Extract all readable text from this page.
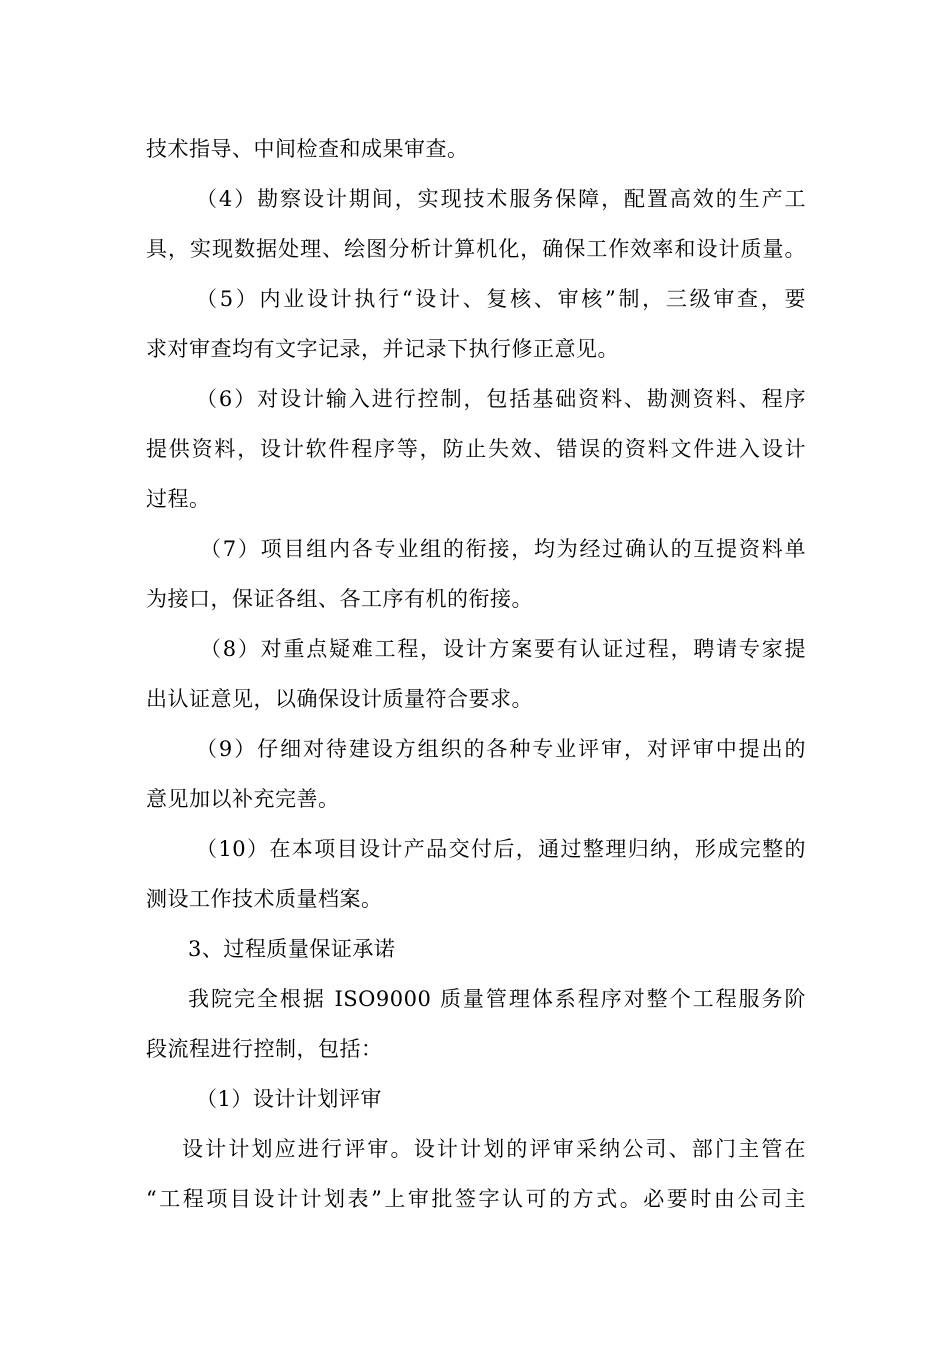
技术指导、中间检查和成果审查。
（4）勘察设计期间，实现技术服务保障，配置高效的生产工
具，实现数据处理、绘图分析计算机化，确保工作效率和设计质量。
（5）内业设计执行“设计、复核、审核”制，三级审查，要
求对审查均有文字记录，并记录下执行修正意见。
（6）对设计输入进行控制，包括基础资料、勘测资料、程序
提供资料，设计软件程序等，防止失效、错误的资料文件进入设计
过程。
（7）项目组内各专业组的衔接，均为经过确认的互提资料单
为接口，保证各组、各工序有机的衔接。
（8）对重点疑难工程，设计方案要有认证过程，聘请专家提
出认证意见，以确保设计质量符合要求。
（9）仔细对待建设方组织的各种专业评审，对评审中提出的
意见加以补充完善。
（10）在本项目设计产品交付后，通过整理归纳，形成完整的
测设工作技术质量档案。
3、过程质量保证承诺
我院完全根据 ISO9000 质量管理体系程序对整个工程服务阶
段流程进行控制，包括：
（1）设计计划评审
设计计划应进行评审。设计计划的评审采纳公司、部门主管在
“工程项目设计计划表”上审批签字认可的方式。必要时由公司主
